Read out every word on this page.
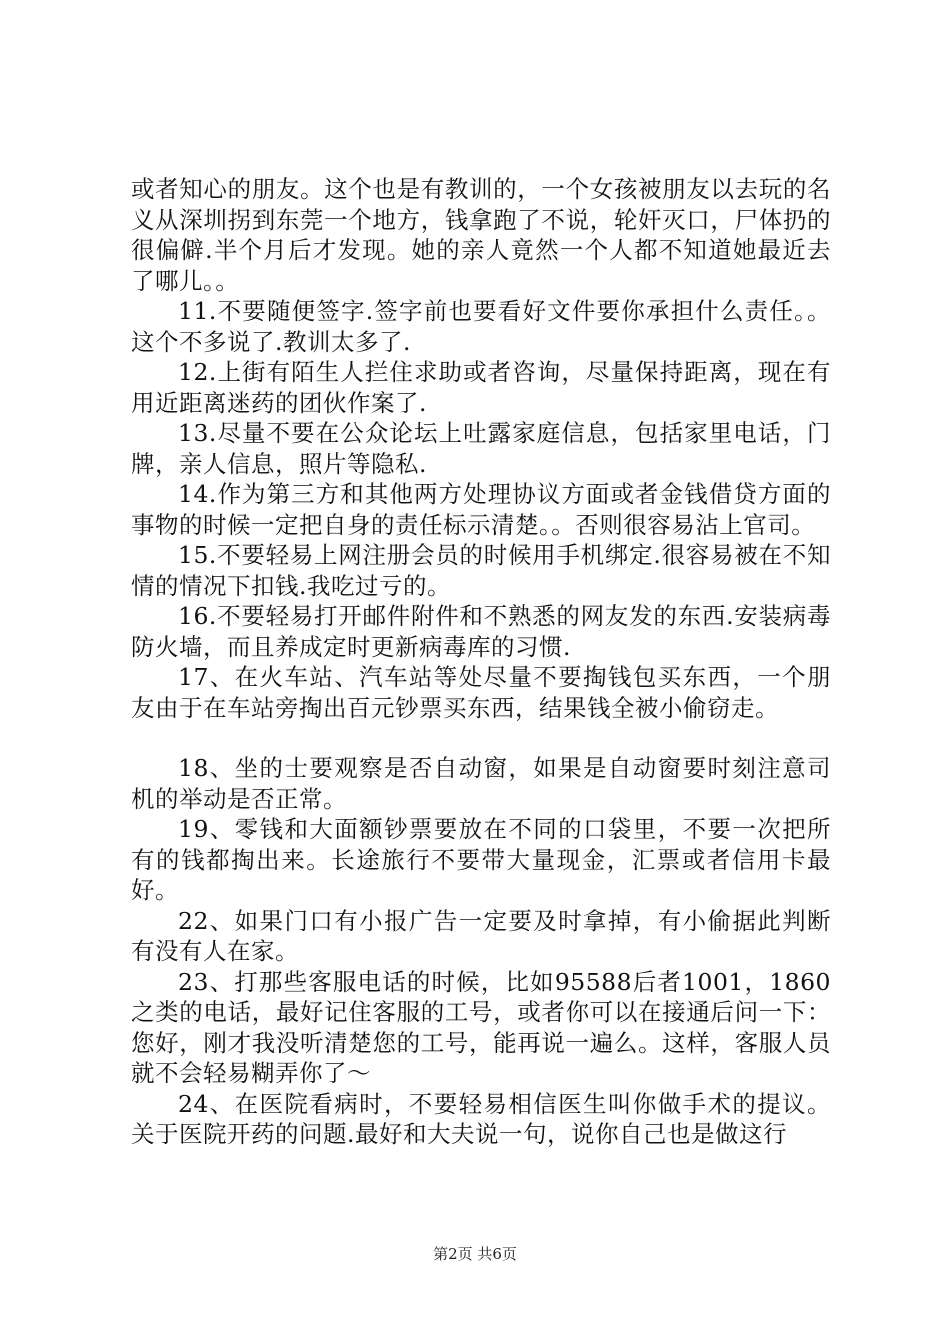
或者知心的朋友。这个也是有教训的，一个女孩被朋友以去玩的名义从深圳拐到东莞一个地方，钱拿跑了不说，轮奸灭口，尸体扔的很偏僻.半个月后才发现。她的亲人竟然一个人都不知道她最近去了哪儿。。

11.不要随便签字.签字前也要看好文件要你承担什么责任。。这个不多说了.教训太多了.

12.上街有陌生人拦住求助或者咨询，尽量保持距离，现在有用近距离迷药的团伙作案了.

13.尽量不要在公众论坛上吐露家庭信息，包括家里电话，门牌，亲人信息，照片等隐私.

14.作为第三方和其他两方处理协议方面或者金钱借贷方面的事物的时候一定把自身的责任标示清楚。。否则很容易沾上官司。

15.不要轻易上网注册会员的时候用手机绑定.很容易被在不知情的情况下扣钱.我吃过亏的。

16.不要轻易打开邮件附件和不熟悉的网友发的东西.安装病毒防火墙，而且养成定时更新病毒库的习惯.

17、在火车站、汽车站等处尽量不要掏钱包买东西，一个朋友由于在车站旁掏出百元钞票买东西，结果钱全被小偷窃走。

18、坐的士要观察是否自动窗，如果是自动窗要时刻注意司机的举动是否正常。

19、零钱和大面额钞票要放在不同的口袋里，不要一次把所有的钱都掏出来。长途旅行不要带大量现金，汇票或者信用卡最好。

22、如果门口有小报广告一定要及时拿掉，有小偷据此判断有没有人在家。

23、打那些客服电话的时候，比如95588后者1001，1860之类的电话，最好记住客服的工号，或者你可以在接通后问一下：您好，刚才我没听清楚您的工号，能再说一遍么。这样，客服人员就不会轻易糊弄你了～

24、在医院看病时，不要轻易相信医生叫你做手术的提议。关于医院开药的问题.最好和大夫说一句，说你自己也是做这行

第2页 共6页
